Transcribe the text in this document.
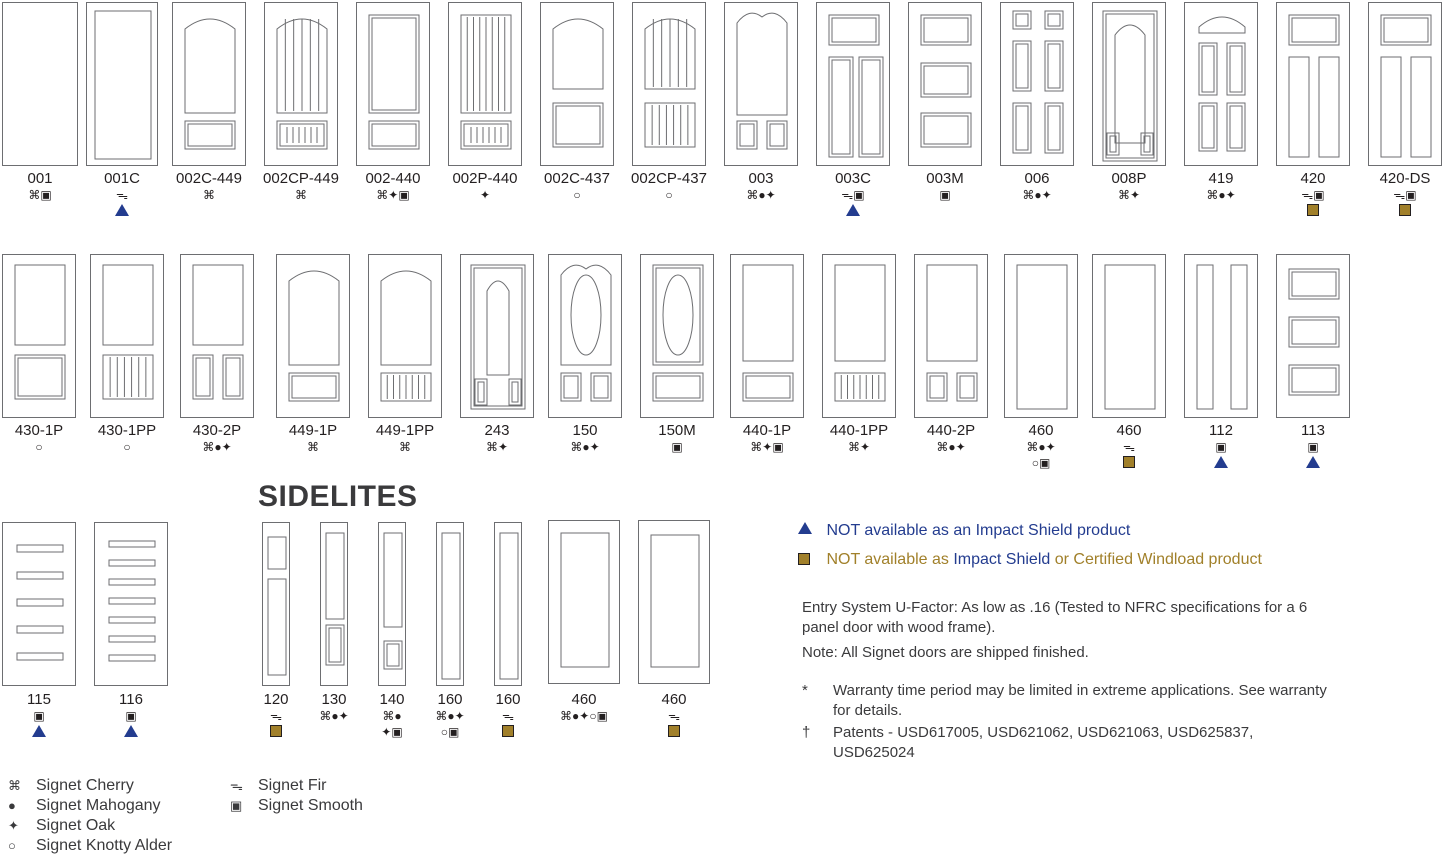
001
⌘▣
001C
ᯓ
002C-449
⌘
002CP-449
⌘
002-440
⌘✦▣
002P-440
✦
002C-437
○
002CP-437
○
003
⌘●✦
003C
ᯓ▣
003M
▣
006
⌘●✦
008P
⌘✦
419
⌘●✦
420
ᯓ▣
420-DS
ᯓ▣
430-1P
○
430-1PP
○
430-2P
⌘●✦
449-1P
⌘
449-1PP
⌘
243
⌘✦
150
⌘●✦
150M
▣
440-1P
⌘✦▣
440-1PP
⌘✦
440-2P
⌘●✦
460
⌘●✦
○▣
460
ᯓ
112
▣
113
▣
115
▣
116
▣
120
ᯓ
130
⌘●✦
140
⌘●
✦▣
160
⌘●✦
○▣
160
ᯓ
460
⌘●✦○▣
460
ᯓ
SIDELITES
NOT available as an Impact Shield product
NOT available as Impact Shield or Certified Windload product
Entry System U-Factor: As low as .16 (Tested to NFRC specifications for a 6 panel door with wood frame).
Note: All Signet doors are shipped finished.
*	Warranty time period may be limited in extreme applications. See warranty for details.
†	Patents - USD617005, USD621062, USD621063, USD625837, USD625024
⌘ Signet Cherry
● Signet Mahogany
✦ Signet Oak
○ Signet Knotty Alder
ᯓ Signet Fir
▣ Signet Smooth
